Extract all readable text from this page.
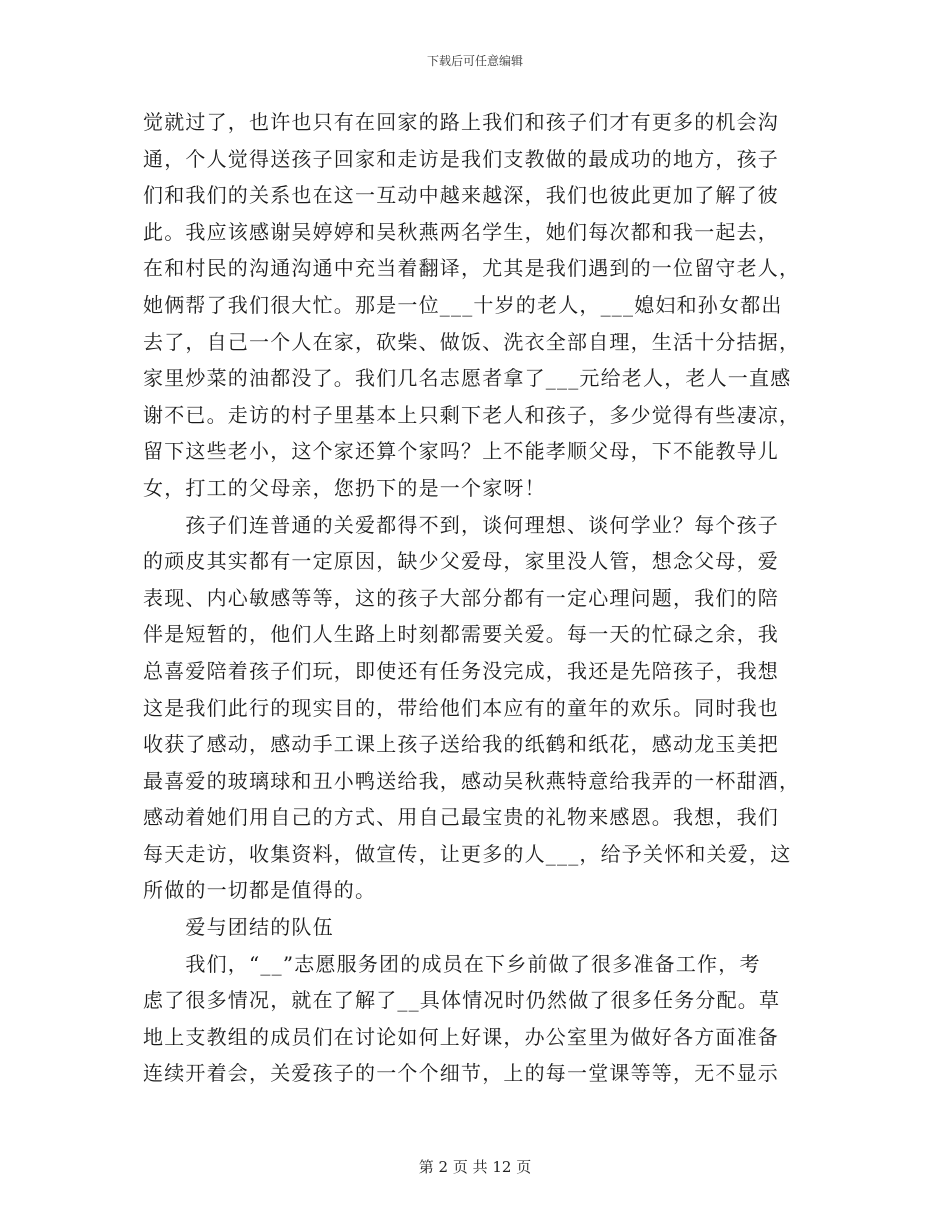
下载后可任意编辑
觉就过了，也许也只有在回家的路上我们和孩子们才有更多的机会沟
通，个人觉得送孩子回家和走访是我们支教做的最成功的地方，孩子
们和我们的关系也在这一互动中越来越深，我们也彼此更加了解了彼
此。我应该感谢吴婷婷和吴秋燕两名学生，她们每次都和我一起去，
在和村民的沟通沟通中充当着翻译，尤其是我们遇到的一位留守老人，
她俩帮了我们很大忙。那是一位___十岁的老人，___媳妇和孙女都出
去了，自己一个人在家，砍柴、做饭、洗衣全部自理，生活十分拮据，
家里炒菜的油都没了。我们几名志愿者拿了___元给老人，老人一直感
谢不已。走访的村子里基本上只剩下老人和孩子，多少觉得有些凄凉，
留下这些老小，这个家还算个家吗？上不能孝顺父母，下不能教导儿
女，打工的父母亲，您扔下的是一个家呀！
　　孩子们连普通的关爱都得不到，谈何理想、谈何学业？每个孩子
的顽皮其实都有一定原因，缺少父爱母，家里没人管，想念父母，爱
表现、内心敏感等等，这的孩子大部分都有一定心理问题，我们的陪
伴是短暂的，他们人生路上时刻都需要关爱。每一天的忙碌之余，我
总喜爱陪着孩子们玩，即使还有任务没完成，我还是先陪孩子，我想
这是我们此行的现实目的，带给他们本应有的童年的欢乐。同时我也
收获了感动，感动手工课上孩子送给我的纸鹤和纸花，感动龙玉美把
最喜爱的玻璃球和丑小鸭送给我，感动吴秋燕特意给我弄的一杯甜酒，
感动着她们用自己的方式、用自己最宝贵的礼物来感恩。我想，我们
每天走访，收集资料，做宣传，让更多的人___，给予关怀和关爱，这
所做的一切都是值得的。
　　爱与团结的队伍
　　我们，“__”志愿服务团的成员在下乡前做了很多准备工作，考
虑了很多情况，就在了解了__具体情况时仍然做了很多任务分配。草
地上支教组的成员们在讨论如何上好课，办公室里为做好各方面准备
连续开着会，关爱孩子的一个个细节，上的每一堂课等等，无不显示
第 2 页 共 12 页
